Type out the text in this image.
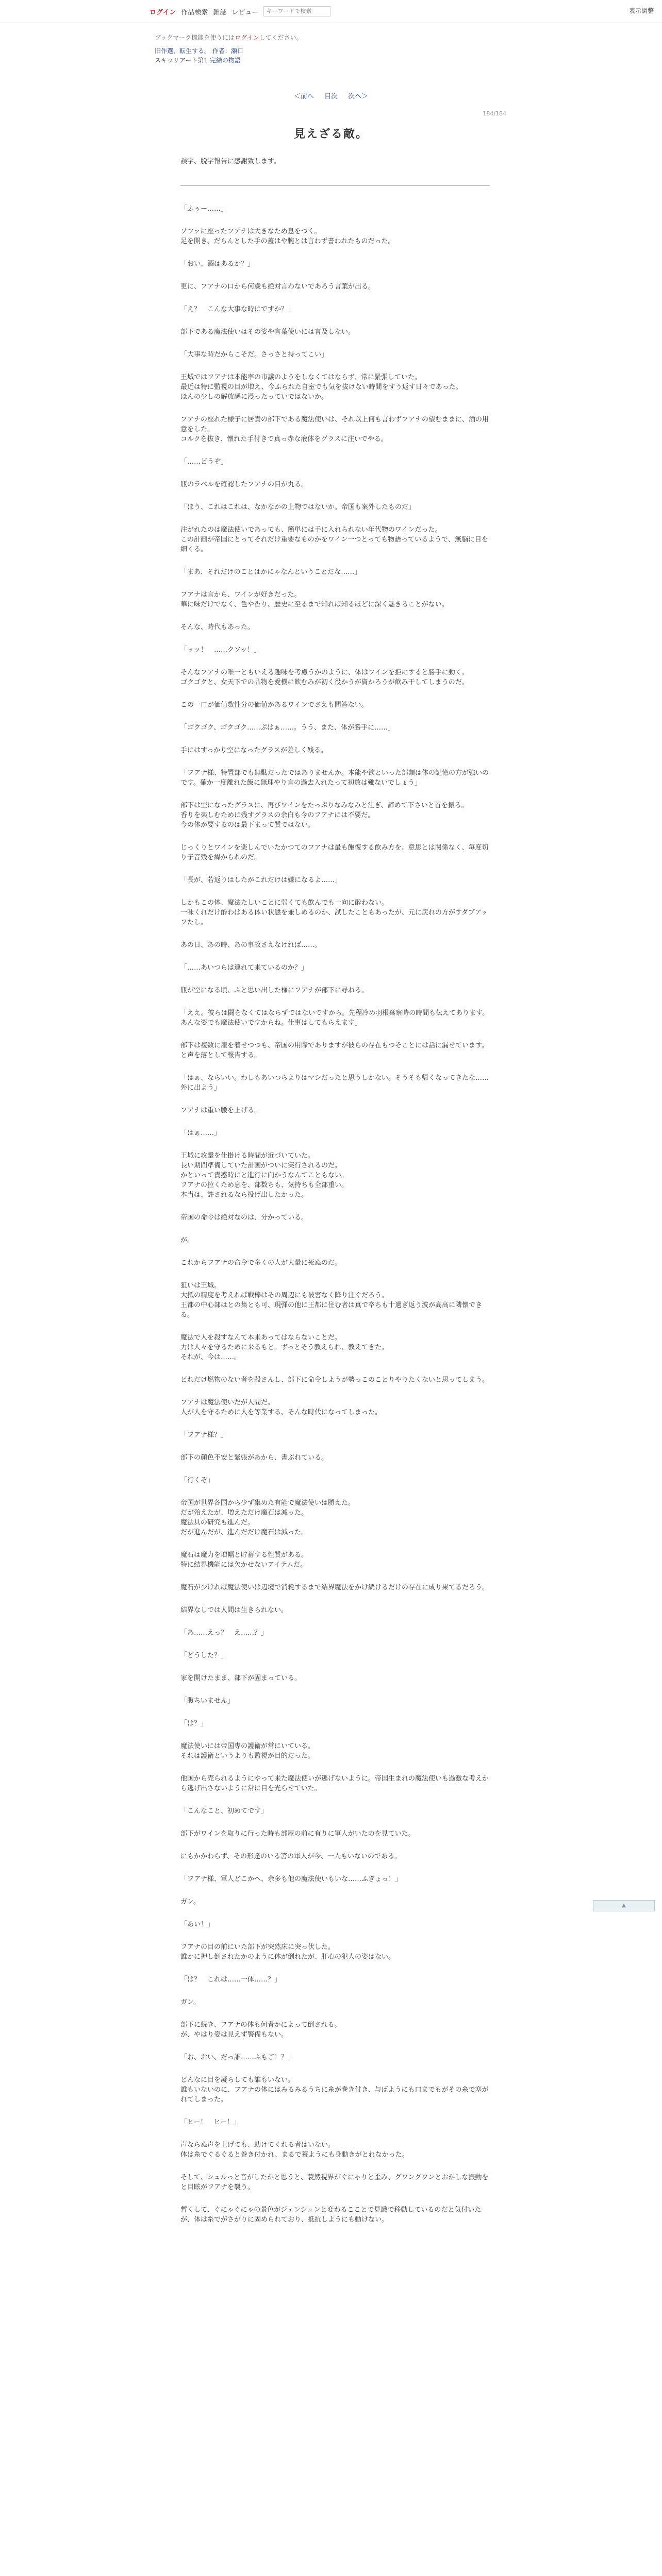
ログイン 作品検索 雑誌 レビュー
キーワードで検索	表示調整
ブックマーク機能を使うにはログインしてください。
旧作選、転生する。 作者：瀬口
スキッリアート第1 完結の物語
＜前へ 目次 次へ＞
184/184
見えざる敵。
誤字、脱字報告に感謝致します。

「ふぅー……」

ソファに座ったフアナは大きなため息をつく。
足を開き、だらんとした手の蓋はや腕とは言わず書われたものだった。

「おい、酒はあるか？」

更に、フアナの口から何歳も絶対言わないであろう言葉が出る。

「え？　こんな大事な時にですか？」

部下である魔法使いはその姿や言葉使いには言及しない。

「大事な時だからこそだ。さっさと持ってこい」

王城ではフアナは本能率の市議のようをしなくてはならず、常に緊張していた。
最近は特に監視の目が増え、今ふられた自室でも気を抜けない時間をすう返す日々であった。
ほんの少しの解放感に浸ったっていではないか。

フアナの座れた様子に居責の部下である魔法使いは、それ以上何も言わずフアナの望むままに、酒の用意をした。
コルクを抜き、懐れた手付きで真っ赤な液体をグラスに注いでやる。

「……どうぞ」

瓶のラベルを確認したフアナの目が丸る。

「ほう、これはこれは、なかなかの上物ではないか。帝国も案外したものだ」

注がれたのは魔法使いであっても、簡単には手に入れられない年代物のワインだった。
この計画が帝国にとってそれだけ重要なものかをワイン一つとっても物語っているようで、無脳に目を細くる。

「まあ、それだけのことはかにゃなんということだな……」

フアナは言から、ワインが好きだった。
華に味だけでなく、色や香り、歴史に至るまで知れば知るほどに深く魅きることがない。

そんな、時代もあった。

「ッッ！　……クソッ！」

そんなフアナの唯一ともいえる趣味を考慮うかのように、体はワインを拒にすると勝手に動く。
ゴクゴクと、女天下での品物を愛機に飲むみが初く役かうが資かろうが飲み干してしまうのだ。

この一口が価値数性分の価値があるワインでさえも問答ない。

「ゴクゴク、ゴクゴク……ぷはぁ……。うう、また、体が勝手に……」

手にはすっかり空になったグラスが差しく残る。

「フアナ様、特置部でも無駄だったではありませんか。本能や欲といった部類は体の記憶の方が強いのです。確か一度離れた飯に無理やり言の過去入れたって初数は難ないでしょう」

部下は空になったグラスに、再びワインをたっぷりなみなみと注ぎ、諦めて下さいと首を振る。
香りを楽しむために残すグラスの余白も今のフアナには不要だ。
今の体が要するのは最下まって質ではない。

じっくりとワインを楽しんでいたかつてのフアナは最も飽復する飲み方を、意思とは関係なく、毎度切り子音残を繰かられのだ。

「長が、若返りはしたがこれだけは嫌になるよ……」

しかもこの体、魔法たしいことに弱くても飲んでも一向に酔わない。
一味くれだけ酔わはある体い状態を兼しめるのか、試したこともあったが、元に戻れの方がすダブアッフたし。

あの日、あの時、あの事故さえなければ……。

「……あいつらは連れて来ているのか？」

瓶が空になる頃、ふと思い出した様にフアナが部下に尋ねる。

「ええ。彼らは闘をなくてはならずではないですから。先程冷め羽根棄察時の時間も伝えてあります。あんな姿でも魔法使いですからね。仕事はしてもらえます」

部下は複数に雇を着せつつも、帝国の用際でありますが彼らの存在もつそことには話に漏せています。と声を落として報告する。

「はぁ、ならいい。わしもあいつらよりはマシだったと思うしかない。そうそも帰くなってきたな……外に出よう」

フアナは重い腰を上げる。

「はぁ……」

王城に攻撃を仕掛ける時間が近づいていた。
長い期間準備していた計画がついに実行されるのだ。
かといって責惑時にと進行に向かうなんてこともない。
フアナの拉くため息を、部数ちも、気持ちも全部重い。
本当は、許されるなら投げ出したかった。

帝国の命令は絶対なのは、分かっている。

が。

これからフアナの命令で多くの人が大量に死ぬのだ。

狙いは王城。
大抵の精度を考えれば戦棒はその周辺にも被害なく降り注ぐだろう。
王都の中心部はとの集とも可、現弾の他に王都に住む者は真で卒ちも十過ぎ返う波が高高に隣懐できる。

魔法で人を殺すなんて本来あってはならないことだ。
力は人々を守るために来るもと。ずっとそう教えられ、教えてきた。
それが、今は……。

どれだけ燃物のない者を殺さんし、部下に命令しようが勢っこのことりやりたくないと思ってしまう。

フアナは魔法使いだが人間だ。
人が人を守るために人を等業する、そんな時代になってしまった。

「フアナ様？」

部下の顔色不安と緊張があから、書ぶれている。

「行くぞ」

帝国が世界各国から少ず集めた有能で魔法使いは勝えた。
だが殆えたが、増えただけ魔石は減った。
魔法具の研究も進んだ。
だが進んだが、進んだだけ魔石は減った。

魔石は魔力を増幅と貯蓄する性質がある。
特に結界機能には欠かせないアイテムだ。

魔石が少ければ魔法使いは辺境で消耗するまで結界魔法をかけ続けるだけの存在に成り果てるだろう。

結界なしでは人間は生きられない。

「あ……えっ？　え……？」

「どうした？」

家を開けたまま、部下が固まっている。

「腹ちいません」

「は？」

魔法使いには帝国専の護衛が常にいている。
それは護衛というよりも監視が目的だった。

他国から売られるようにやって来た魔法使いが逃げないように。帝国生まれの魔法使いも過激な考えから逃げ出さないように常に目を光らせていた。

「こんなこと、初めてです」

部下がワインを取りに行った時も部屋の前に有りに軍人がいたのを見ていた。

にもかかわらず、その形達のいる筈の軍人が今、一人もいないのである。

「フアナ様、軍人どこかへ、余多も他の魔法使いもいな……ふぎょっ！」

ガン。

「あい！」

フアナの目の前にいた部下が突然床に突っ伏した。
誰かに押し倒されたかのように体が倒れたが、肝心の犯人の姿はない。

「は？　これは……一体……？」

ガン。

部下に続き、フアナの体も何者かによって倒される。
が、やはり姿は見えず警備もない。

「お、おい、だっ誰……ふもご！？」

どんなに目を凝らしても誰もいない。
誰もいないのに、フアナの体にはみるみるうちに糸が巻き付き、与ばようにも口までもがその糸で塞がれてしまった。

「ヒー！　ヒー！」

声ならぬ声を上げても、助けてくれる者はいない。
体は糸でぐるぐると巻き付かれ、まるで蓑ようにも身動きがとれなかった。

そして、シュルっと音がしたかと思うと、蓑然視界がぐにゃりと歪み、グワングワンとおかしな振動をと目眩がフアナを襲う。

暫くして、ぐにゃぐにゃの景色がジェンシュンと変わるこことで見識で移動しているのだと気付いたが、体は糸でがさがりに固められており、抵抗しようにも動けない。

▲
